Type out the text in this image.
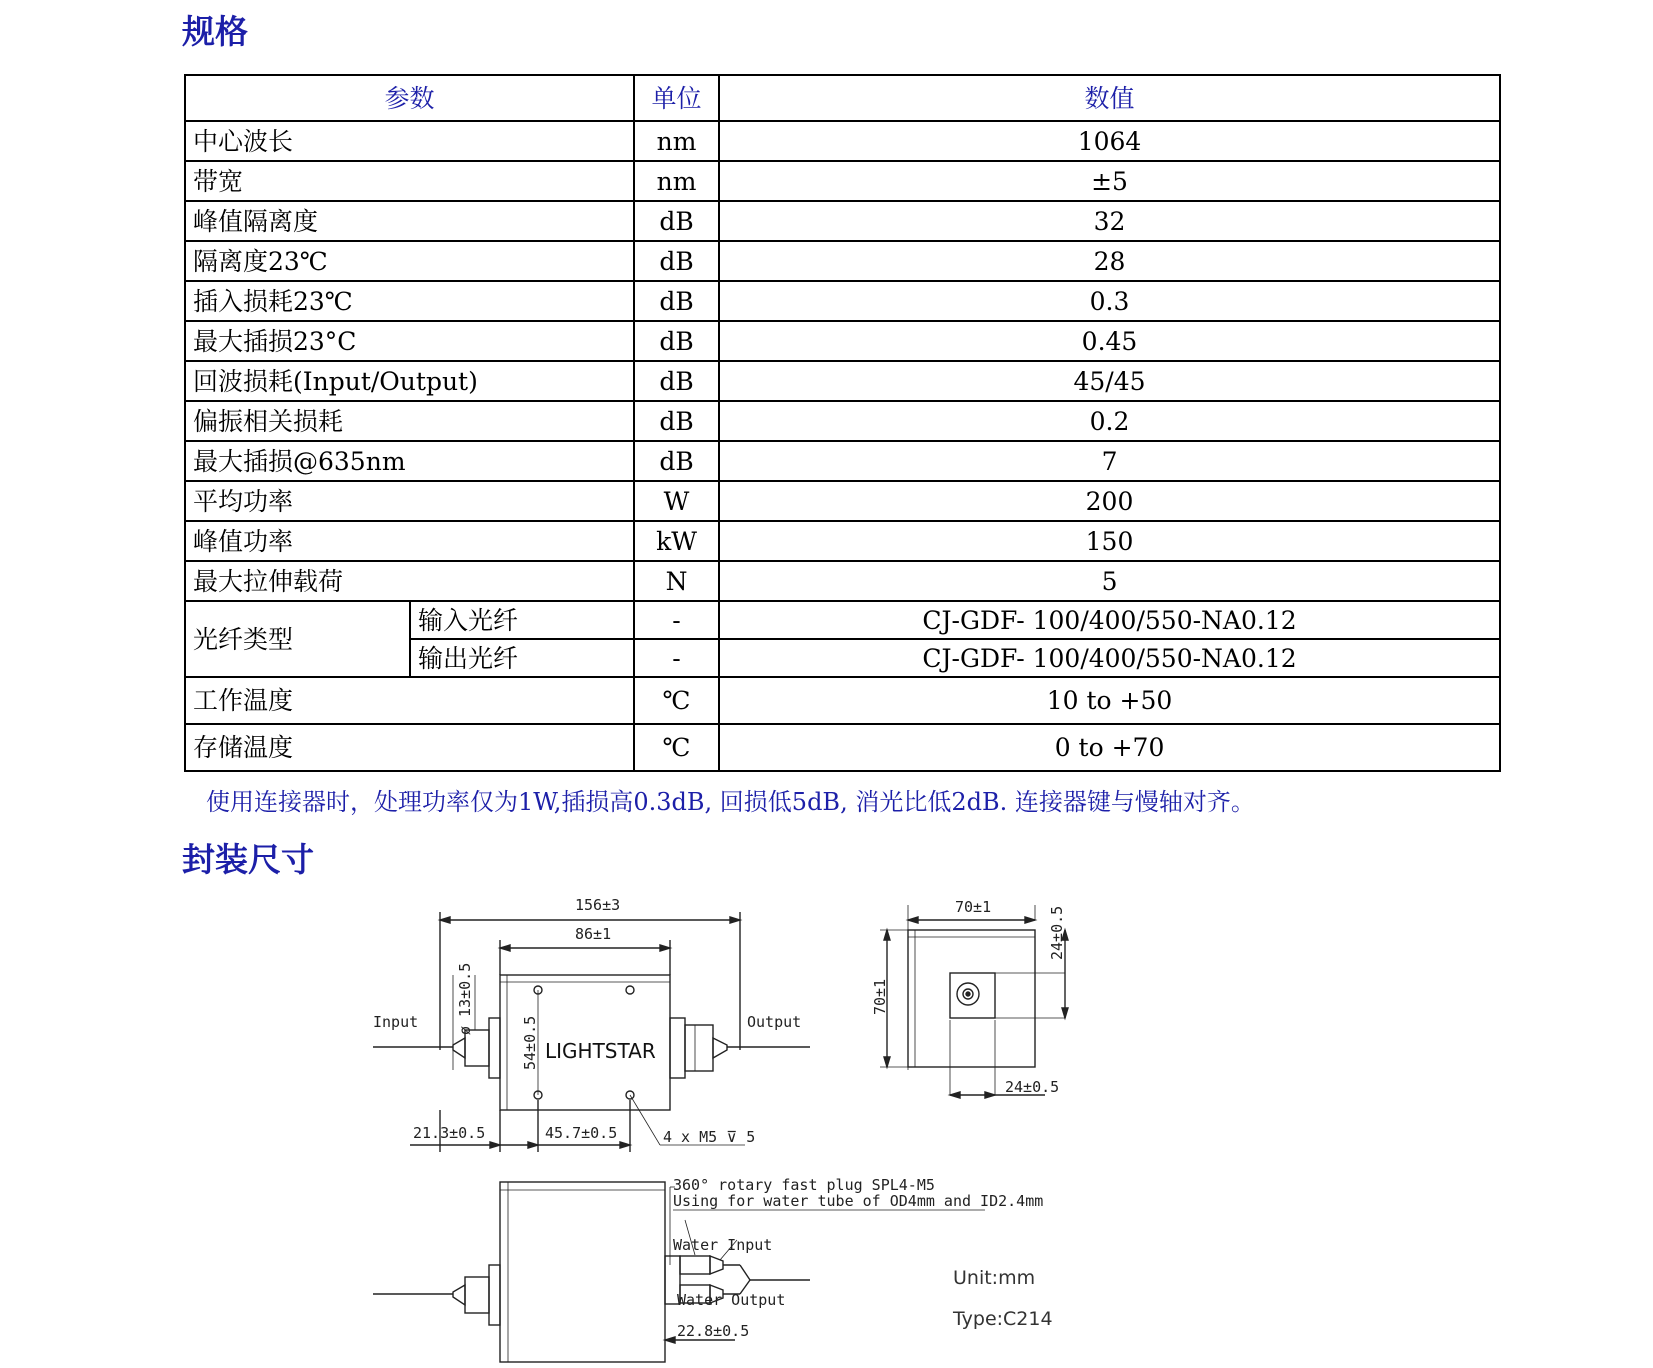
规格
参数		单位	数值
中心波长		nm	1064
带宽		nm	±5
峰值隔离度		dB	32
隔离度23℃		dB	28
插入损耗23℃		dB	0.3
最大插损23°C		dB	0.45
回波损耗(Input/Output)		dB	45/45
偏振相关损耗		dB	0.2
最大插损@635nm		dB	7
平均功率		W	200
峰值功率		kW	150
最大拉伸载荷		N	5
光纤类型	输入光纤	-	CJ-GDF- 100/400/550-NA0.12
	输出光纤	-	CJ-GDF- 100/400/550-NA0.12
工作温度		℃	10 to +50
存储温度		℃	0 to +70
使用连接器时，处理功率仅为1W,插损高0.3dB, 回损低5dB, 消光比低2dB. 连接器键与慢轴对齐。
封装尺寸
156±3
86±1
LIGHTSTAR
54±0.5
Input	ø 13±0.5	Output
21.3±0.5	45.7±0.5	4 x M5 ⊽ 5
70±1	24±0.5
70±1
24±0.5
Water Input
Water Output
360° rotary fast plug SPL4-M5
Using for water tube of OD4mm and ID2.4mm
22.8±0.5
Unit:mm
Type:C214
